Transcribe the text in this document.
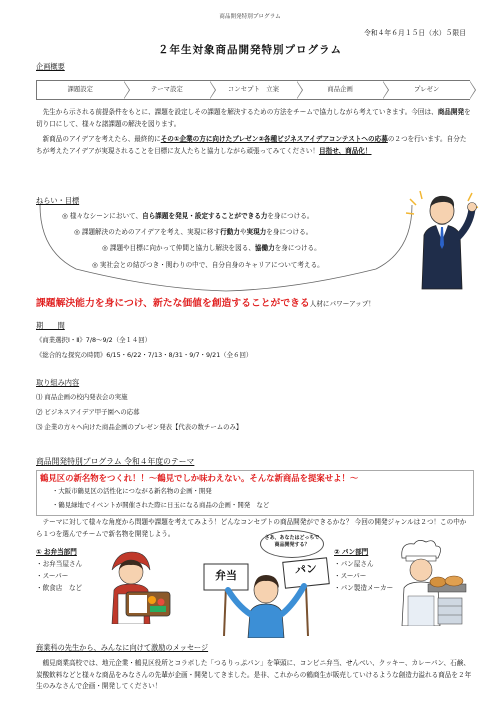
商品開発特別プログラム
令和４年６月１５日（水）５限目
２年生対象商品開発特別プログラム
企画概要
課題設定	テーマ設定	コンセプト　立案	商品企画	プレゼン
先生から示される前提条件をもとに、課題を設定しその課題を解決するための方法をチームで協力しながら考えていきます。今回は、商品開発を切り口にして、様々な諸課題の解決を図ります。
新商品のアイデアを考えたら、最終的にその①企業の方に向けたプレゼン②各種ビジネスアイデアコンテストへの応募の２つを行います。自分たちが考えたアイデアが実現されることを目標に友人たちと協力しながら頑張ってみてください！目指せ、商品化！
ねらい・目標
◎ 様々なシーンにおいて、自ら課題を発見・設定することができる力を身につける。
◎ 課題解決のためのアイデアを考え、実現に移す行動力や実現力を身につける。
◎ 課題や目標に向かって仲間と協力し解決を図る、協働力を身につける。
◎ 実社会との結びつき・関わりの中で、自分自身のキャリアについて考える。
課題解決能力を身につけ、新たな価値を創造することができる人材にパワーアップ！
期　　間
《商業選択Ⅰ・Ⅱ》7/8～9/2（全１４回）
《総合的な探究の時間》6/15・6/22・7/13・8/31・9/7・9/21（全６回）
取り組み内容
⑴ 商品企画の校内発表会の実施
⑵ ビジネスアイデア甲子園への応募
⑶ 企業の方々へ向けた商品企画のプレゼン発表【代表の数チームのみ】
商品開発特別プログラム 令和４年度のテーマ
鶴見区の新名物をつくれ！！～鶴見でしか味わえない。そんな新商品を提案せよ！～
・大阪市鶴見区の活性化につながる新名物の企画・開発
・鶴見緑地でイベントが開催された際に日玉になる商品の企画・開発　など
テーマに対して様々な角度から問題や課題を考えてみよう！どんなコンセプトの商品開発ができるかな？ 今回の開発ジャンルは２つ！この中から１つを選んでチームで新名物を開発しよう。
① お弁当部門
・お弁当屋さん
・スーパー
・飲食店　など
さあ、あなたはどっちで商品開発する？
弁当	パン
② パン部門
・パン屋さん
・スーパー
・パン製造メーカー
商業科の先生から、みんなに向けて激励のメッセージ
鶴見商業高校では、地元企業・鶴見区役所とコラボした「つるりっぷパン」を筆頭に、コンビニ弁当、せんべい、クッキー、カレーパン、石鹸、炭酸飲料などと様々な商品をみなさんの先輩が企画・開発してきました。是非、これからの鶴商生が販売していけるような創造力溢れる商品を２年生のみなさんで企画・開発してください！
